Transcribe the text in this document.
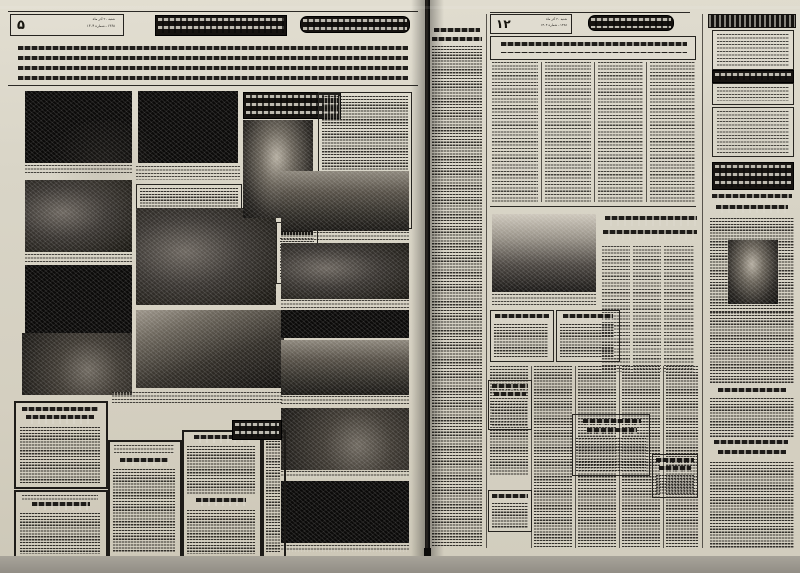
۵	شنبه ۲۰ آذر ماه
۱۳۶۸ ـ شماره ۱۳۰۴	۱۲	شنبه ۲۰ آذر ماه
۱۳۶۸ ـ شماره ۱۳۰۴
